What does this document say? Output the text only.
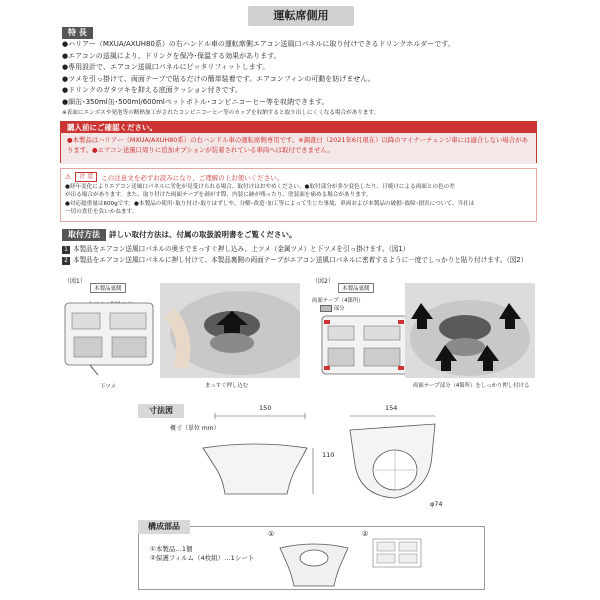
運転席側用
特 長
●ハリアー（MXUA/AXUH80系）の右ハンドル車の運転席側エアコン送風口パネルに取り付けできるドリンクホルダーです。
●エアコンの送風により、ドリンクを保冷･保温する効果があります。
●専用設計で、エアコン送風口パネルにピッタリフィットします。
●ツメを引っ掛けて、両面テープで貼るだけの簡単装着です。エアコンフィンの可動を妨げません。
●ドリンクのガタツキを抑える底面クッション付きです。
●細缶･350ml缶･500ml/600mlペットボトル･コンビニコーヒー等を収納できます。
※表面にエンボスや発泡等の断熱加工がされたコンビニコーヒー等のカップを収納すると取り出しにくくなる場合があります。
購入前にご確認ください。
●本製品はハリアー（MXUA/AXUH80系）の右ハンドル車の運転席側専用です。※調査日（2021年6月現在）以降のマイナーチェンジ車には適合しない場合があります。●エアコン送風口周りに追加オプションが装着されている車両へは取付できません。
⚠	注 意	この注意文を必ずお読みになり、ご理解の上お使いください。
●経年変化によりエアコン送風口パネルに劣化が見受けられる場合、取付けはおやめください。●取付部分が多少変色したり、日焼けによる両面との色の差
が出る場合があります。また、取り付けた両面テープを剥がす際、内装に跡が残ったり、塗装面を痛める場合があります。
●対応総重量は600gです。●本製品の使用･取り付け･取りはずしや、分解･改造･加工等によって生じた事故、車両および本製品の破損･故障･損害について、当社は
一切の責任を負いかねます。
取付方法	詳しい取付方法は、付属の取扱説明書をご覧ください。
1 本製品をエアコン送風口パネルの奥までまっすぐ押し込み、上ツメ（金属ツメ）と下ツメを引っ掛けます。（図1）
2 本製品をエアコン送風口パネルに押し付けて、本製品裏側の両面テープがエアコン送風口パネルに密着するように一度でしっかりと貼り付けます。（図2）
（図1）
本製品裏側
下ツメ	まっすぐ押し込む
（図2）
本製品裏側
両面テープ（4箇所）
部分
両面テープ部分（4箇所）をしっかり押し付ける
寸法図
概寸（単位 mm）
150
110
154
φ74
構成部品
①本製品…1個
②保護フィルム（4枚組）…1シート
①	②
